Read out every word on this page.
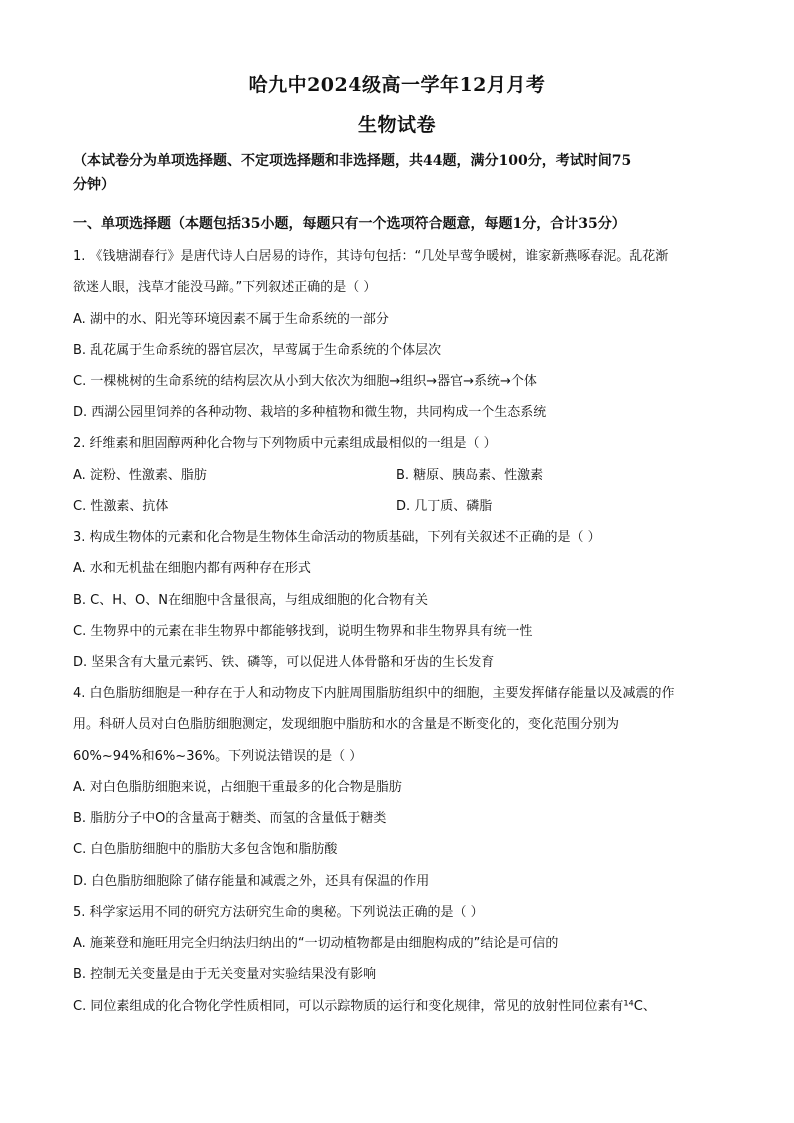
哈九中2024级高一学年12月月考
生物试卷
（本试卷分为单项选择题、不定项选择题和非选择题，共44题，满分100分，考试时间75
分钟）
一、单项选择题（本题包括35小题，每题只有一个选项符合题意，每题1分，合计35分）
1. 《钱塘湖春行》是唐代诗人白居易的诗作，其诗句包括：“几处早莺争暖树，谁家新燕啄春泥。乱花渐
欲迷人眼，浅草才能没马蹄。”下列叙述正确的是（ ）
A. 湖中的水、阳光等环境因素不属于生命系统的一部分
B. 乱花属于生命系统的器官层次，早莺属于生命系统的个体层次
C. 一棵桃树的生命系统的结构层次从小到大依次为细胞→组织→器官→系统→个体
D. 西湖公园里饲养的各种动物、栽培的多种植物和微生物，共同构成一个生态系统
2. 纤维素和胆固醇两种化合物与下列物质中元素组成最相似的一组是（ ）
A. 淀粉、性激素、脂肪	B. 糖原、胰岛素、性激素
C. 性激素、抗体	D. 几丁质、磷脂
3. 构成生物体的元素和化合物是生物体生命活动的物质基础，下列有关叙述不正确的是（ ）
A. 水和无机盐在细胞内都有两种存在形式
B. C、H、O、N在细胞中含量很高，与组成细胞的化合物有关
C. 生物界中的元素在非生物界中都能够找到，说明生物界和非生物界具有统一性
D. 坚果含有大量元素钙、铁、磷等，可以促进人体骨骼和牙齿的生长发育
4. 白色脂肪细胞是一种存在于人和动物皮下内脏周围脂肪组织中的细胞，主要发挥储存能量以及减震的作
用。科研人员对白色脂肪细胞测定，发现细胞中脂肪和水的含量是不断变化的，变化范围分别为
60%~94%和6%~36%。下列说法错误的是（ ）
A. 对白色脂肪细胞来说，占细胞干重最多的化合物是脂肪
B. 脂肪分子中O的含量高于糖类、而氢的含量低于糖类
C. 白色脂肪细胞中的脂肪大多包含饱和脂肪酸
D. 白色脂肪细胞除了储存能量和减震之外，还具有保温的作用
5. 科学家运用不同的研究方法研究生命的奥秘。下列说法正确的是（ ）
A. 施莱登和施旺用完全归纳法归纳出的“一切动植物都是由细胞构成的”结论是可信的
B. 控制无关变量是由于无关变量对实验结果没有影响
C. 同位素组成的化合物化学性质相同，可以示踪物质的运行和变化规律，常见的放射性同位素有¹⁴C、
